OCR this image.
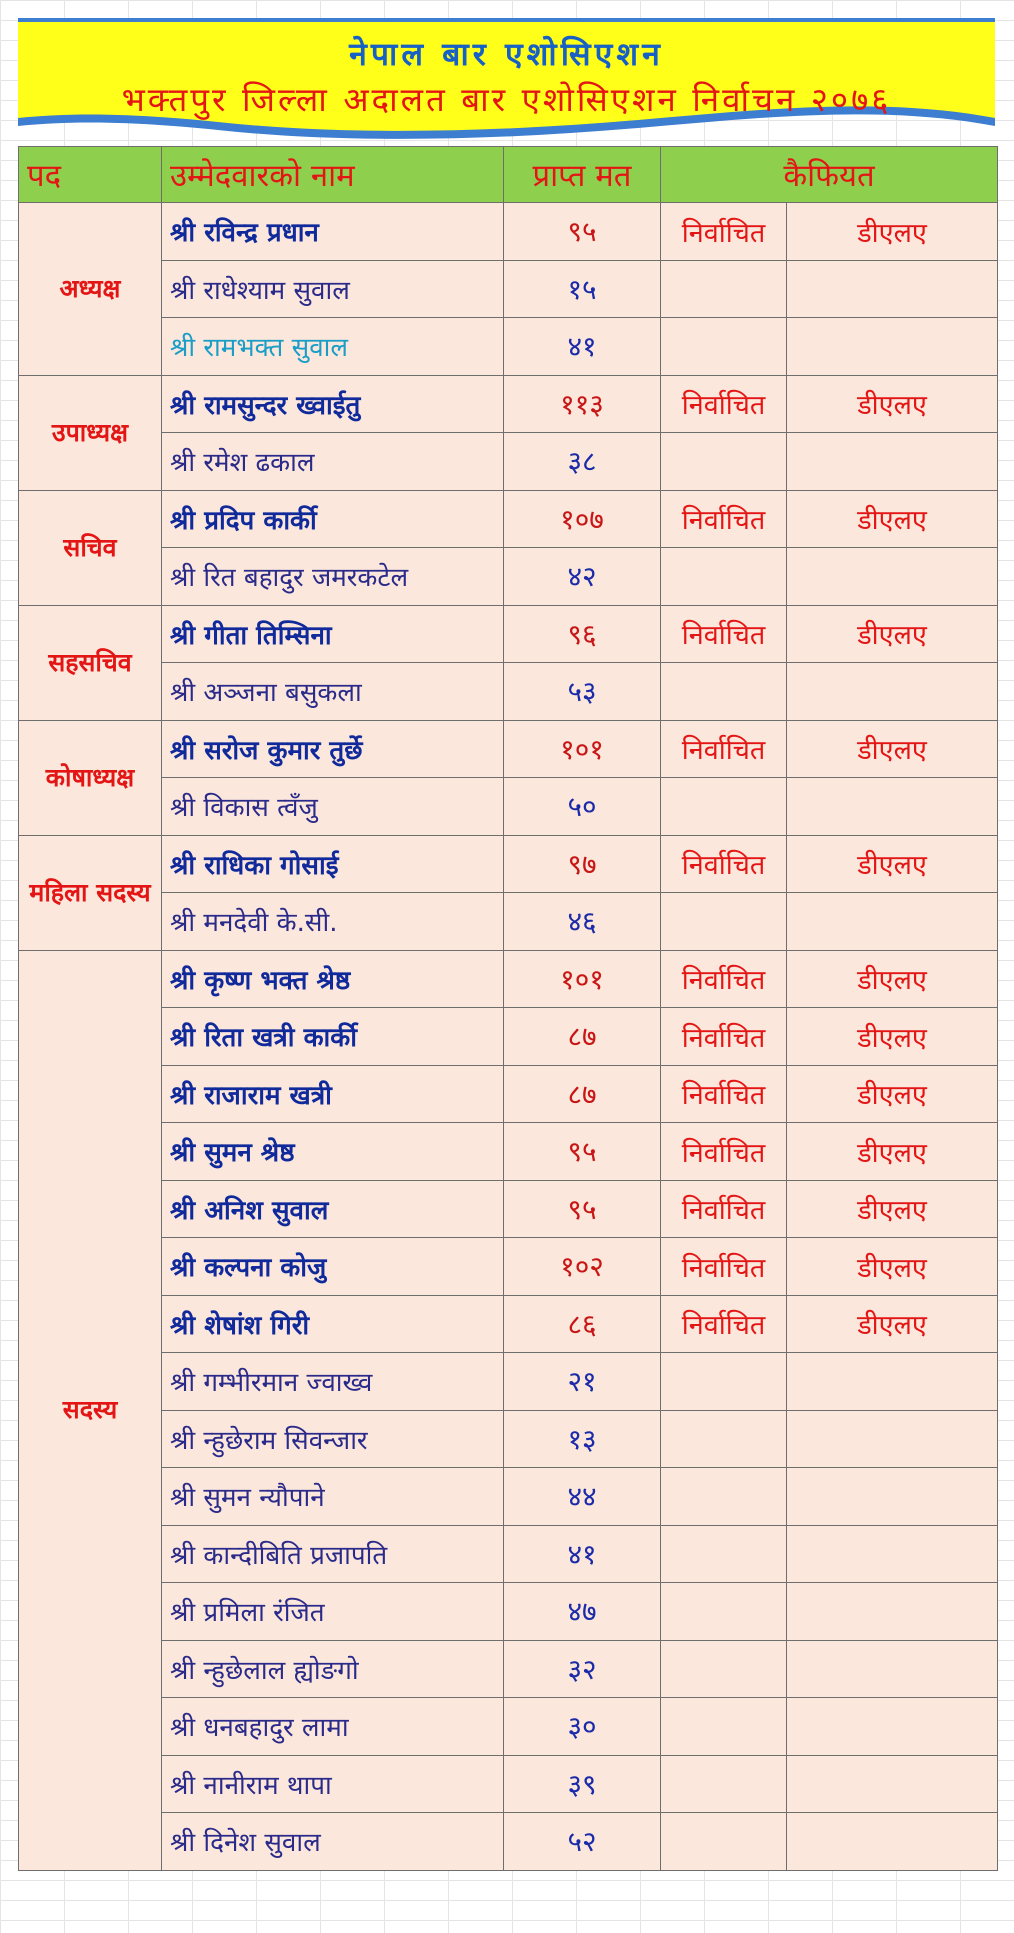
नेपाल बार एशोसिएशन
भक्तपुर जिल्ला अदालत बार एशोसिएशन निर्वाचन २०७६
पद	उम्मेदवारको नाम	प्राप्त मत	कैफियत	
अध्यक्ष	श्री रविन्द्र प्रधान	९५	निर्वाचित	डीएलए
	श्री राधेश्याम सुवाल	१५		
	श्री रामभक्त सुवाल	४१		
उपाध्यक्ष	श्री रामसुन्दर ख्वाईतु	११३	निर्वाचित	डीएलए
	श्री रमेश ढकाल	३८		
सचिव	श्री प्रदिप कार्की	१०७	निर्वाचित	डीएलए
	श्री रित बहादुर जमरकटेल	४२		
सहसचिव	श्री गीता तिम्सिना	९६	निर्वाचित	डीएलए
	श्री अञ्जना बसुकला	५३		
कोषाध्यक्ष	श्री सरोज कुमार तुर्छे	१०१	निर्वाचित	डीएलए
	श्री विकास त्वँजु	५०		
महिला सदस्य	श्री राधिका गोसाई	९७	निर्वाचित	डीएलए
	श्री मनदेवी के.सी.	४६		
सदस्य	श्री कृष्ण भक्त श्रेष्ठ	१०१	निर्वाचित	डीएलए
	श्री रिता खत्री कार्की	८७	निर्वाचित	डीएलए
	श्री राजाराम खत्री	८७	निर्वाचित	डीएलए
	श्री सुमन श्रेष्ठ	९५	निर्वाचित	डीएलए
	श्री अनिश सुवाल	९५	निर्वाचित	डीएलए
	श्री कल्पना कोजु	१०२	निर्वाचित	डीएलए
	श्री शेषांश गिरी	८६	निर्वाचित	डीएलए
	श्री गम्भीरमान ज्वाख्व	२१		
	श्री न्हुछेराम सिवन्जार	१३		
	श्री सुमन न्यौपाने	४४		
	श्री कान्दीबिति प्रजापति	४१		
	श्री प्रमिला रंजित	४७		
	श्री न्हुछेलाल ह्योङगो	३२		
	श्री धनबहादुर लामा	३०		
	श्री नानीराम थापा	३९		
	श्री दिनेश सुवाल	५२		
